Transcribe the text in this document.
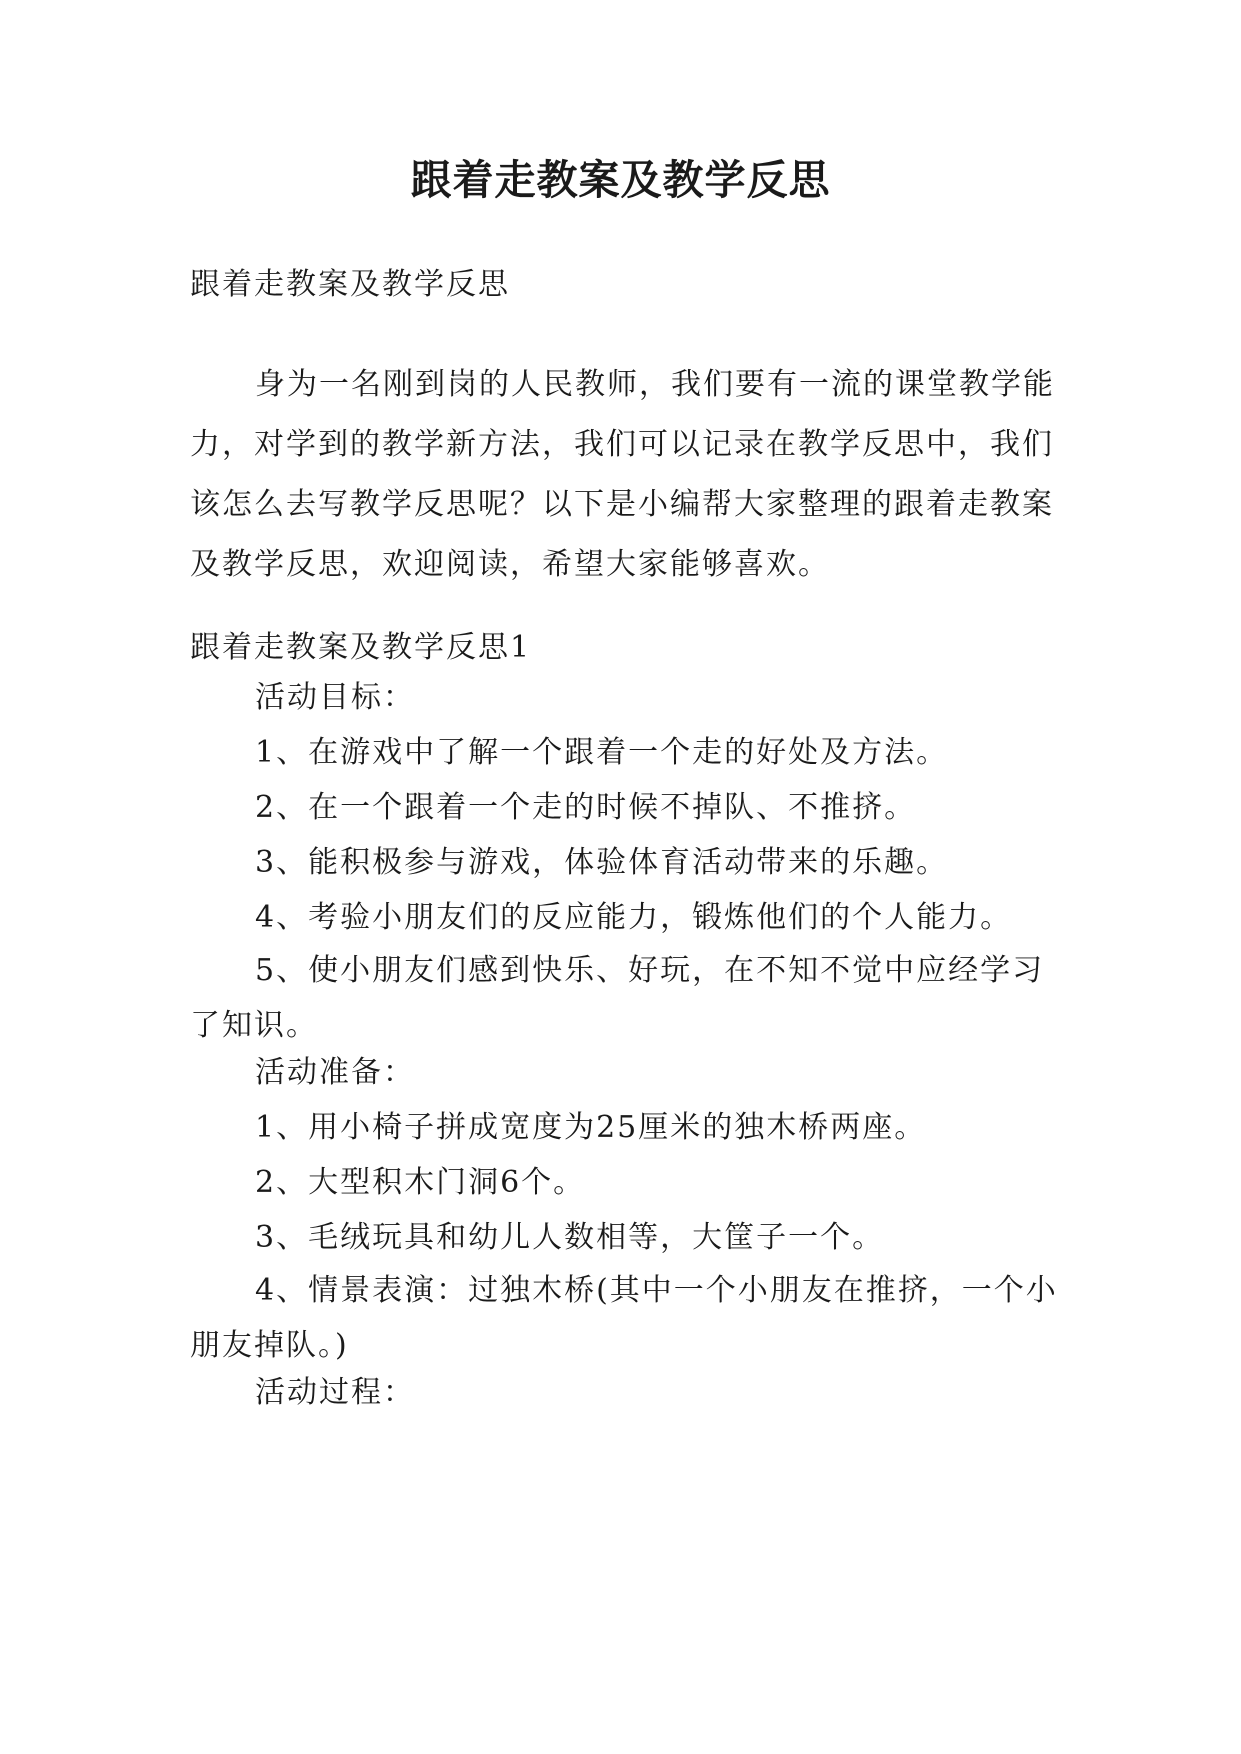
跟着走教案及教学反思

跟着走教案及教学反思

身为一名刚到岗的人民教师，我们要有一流的课堂教学能力，对学到的教学新方法，我们可以记录在教学反思中，我们该怎么去写教学反思呢？以下是小编帮大家整理的跟着走教案及教学反思，欢迎阅读，希望大家能够喜欢。

跟着走教案及教学反思1

活动目标：

1、在游戏中了解一个跟着一个走的好处及方法。

2、在一个跟着一个走的时候不掉队、不推挤。

3、能积极参与游戏，体验体育活动带来的乐趣。

4、考验小朋友们的反应能力，锻炼他们的个人能力。

5、使小朋友们感到快乐、好玩，在不知不觉中应经学习了知识。

活动准备：

1、用小椅子拼成宽度为25厘米的独木桥两座。

2、大型积木门洞6个。

3、毛绒玩具和幼儿人数相等，大筐子一个。

4、情景表演：过独木桥(其中一个小朋友在推挤，一个小朋友掉队。)

活动过程：
